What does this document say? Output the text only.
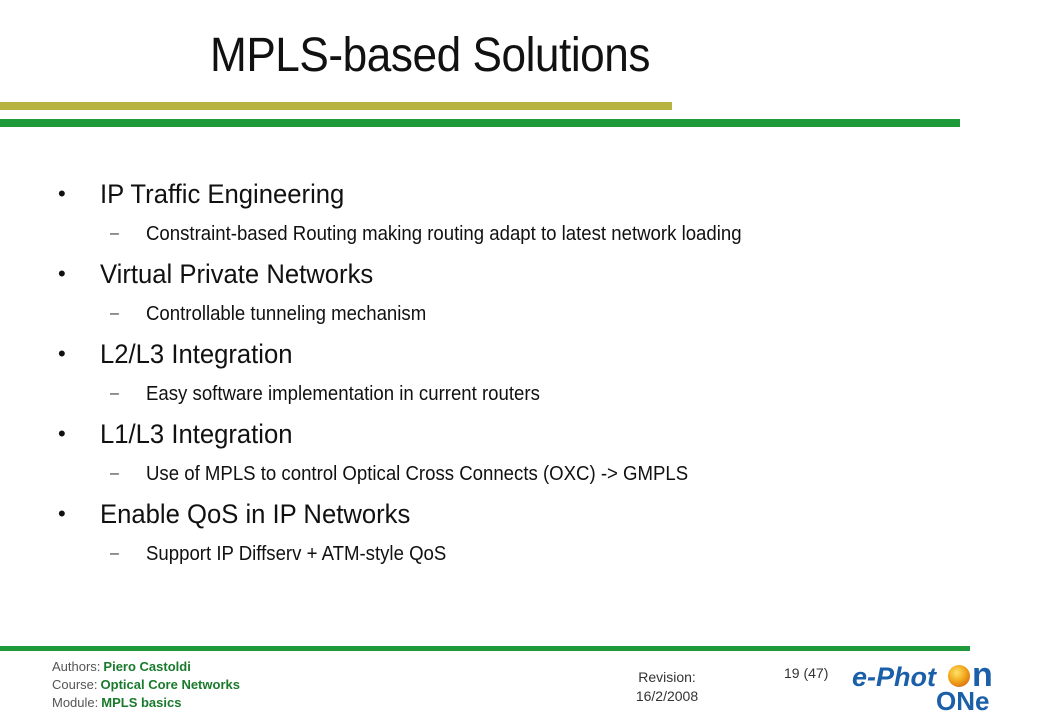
MPLS-based Solutions
•	IP Traffic Engineering
–	Constraint-based Routing making routing adapt to latest network loading
•	Virtual Private Networks
–	Controllable tunneling mechanism
•	L2/L3 Integration
–	Easy software implementation in current routers
•	L1/L3 Integration
–	Use of MPLS to control Optical Cross Connects (OXC) -> GMPLS
•	Enable QoS in IP Networks
–	Support IP Diffserv + ATM-style QoS
Authors: Piero Castoldi
Course: Optical Core Networks
Module: MPLS basics
Revision:
16/2/2008
19 (47) e-Phot n
ONe
